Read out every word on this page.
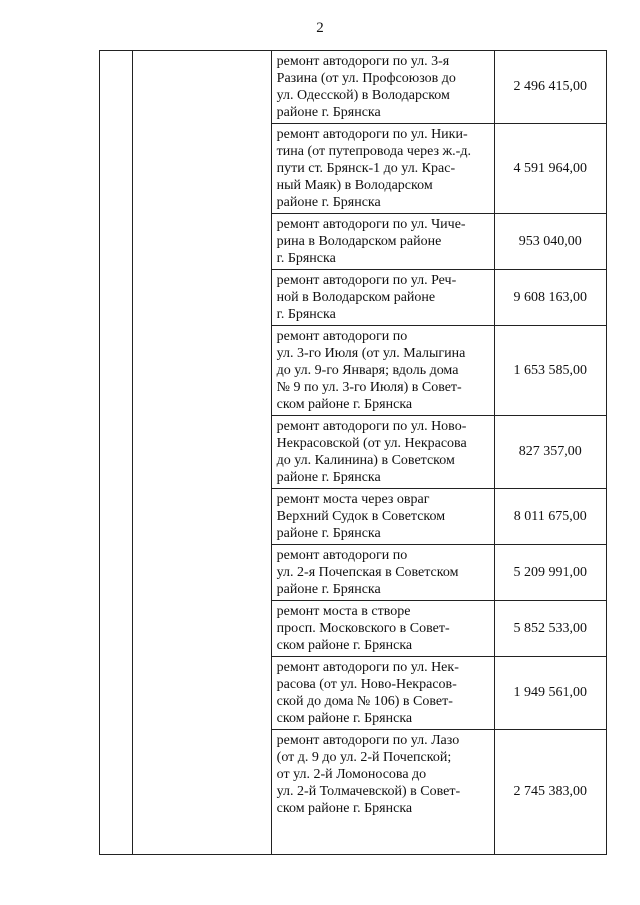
2

		ремонт автодороги по ул. 3-я
Разина (от ул. Профсоюзов до
ул. Одесской) в Володарском
районе г. Брянска	2 496 415,00

		ремонт автодороги по ул. Ники-
тина (от путепровода через ж.-д.
пути ст. Брянск-1 до ул. Крас-
ный Маяк) в Володарском
районе г. Брянска	4 591 964,00

		ремонт автодороги по ул. Чиче-
рина в Володарском районе
г. Брянска	953 040,00

		ремонт автодороги по ул. Реч-
ной в Володарском районе
г. Брянска	9 608 163,00

		ремонт автодороги по
ул. 3-го Июля (от ул. Малыгина
до ул. 9-го Января; вдоль дома
№ 9 по ул. 3-го Июля) в Совет-
ском районе г. Брянска	1 653 585,00

		ремонт автодороги по ул. Ново-
Некрасовской (от ул. Некрасова
до ул. Калинина) в Советском
районе г. Брянска	827 357,00

		ремонт моста через овраг
Верхний Судок в Советском
районе г. Брянска	8 011 675,00

		ремонт автодороги по
ул. 2-я Почепская в Советском
районе г. Брянска	5 209 991,00

		ремонт моста в створе
просп. Московского в Совет-
ском районе г. Брянска	5 852 533,00

		ремонт автодороги по ул. Нек-
расова (от ул. Ново-Некрасов-
ской до дома № 106) в Совет-
ском районе г. Брянска	1 949 561,00

		ремонт автодороги по ул. Лазо
(от д. 9 до ул. 2-й Почепской;
от ул. 2-й Ломоносова до
ул. 2-й Толмачевской) в Совет-
ском районе г. Брянска	2 745 383,00
